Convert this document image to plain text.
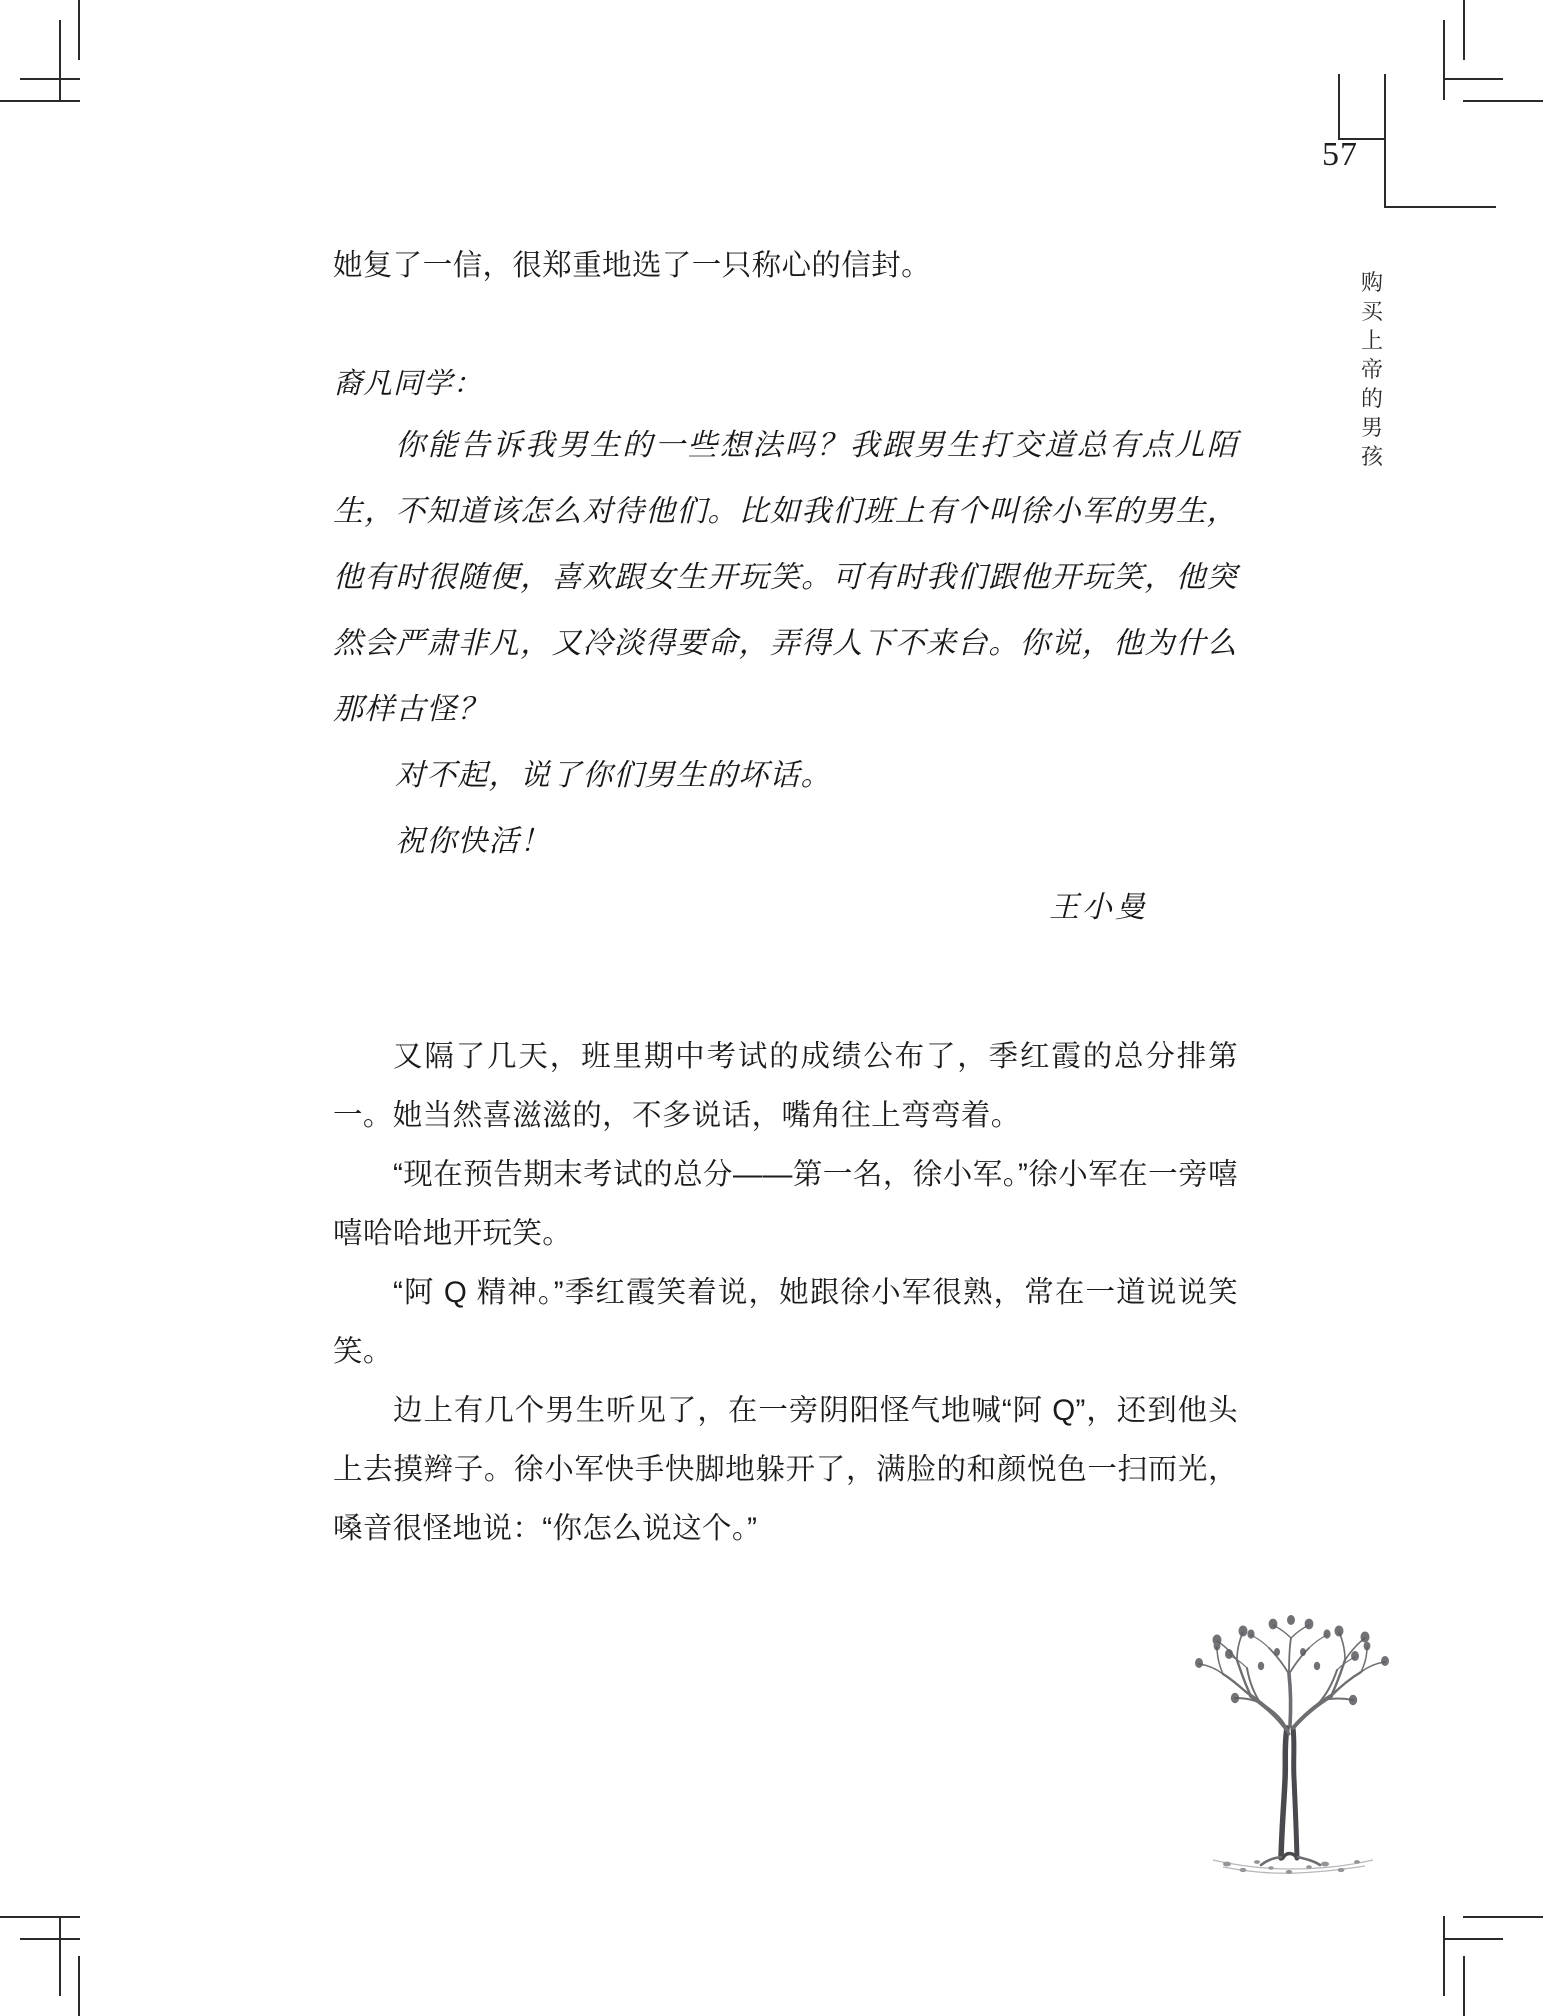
57
购
买
上
帝
的
男
孩

她复了一信，很郑重地选了一只称心的信封。

裔凡同学：

你能告诉我男生的一些想法吗？我跟男生打交道总有点儿陌生，不知道该怎么对待他们。比如我们班上有个叫徐小军的男生，他有时很随便，喜欢跟女生开玩笑。可有时我们跟他开玩笑，他突然会严肃非凡，又冷淡得要命，弄得人下不来台。你说，他为什么那样古怪？

对不起，说了你们男生的坏话。

祝你快活！

王小曼

又隔了几天，班里期中考试的成绩公布了，季红霞的总分排第一。她当然喜滋滋的，不多说话，嘴角往上弯弯着。

“现在预告期末考试的总分——第一名，徐小军。”徐小军在一旁嘻嘻哈哈地开玩笑。

“阿 Q 精神。”季红霞笑着说，她跟徐小军很熟，常在一道说说笑笑。

边上有几个男生听见了，在一旁阴阳怪气地喊“阿 Q”，还到他头上去摸辫子。徐小军快手快脚地躲开了，满脸的和颜悦色一扫而光，嗓音很怪地说：“你怎么说这个。”
